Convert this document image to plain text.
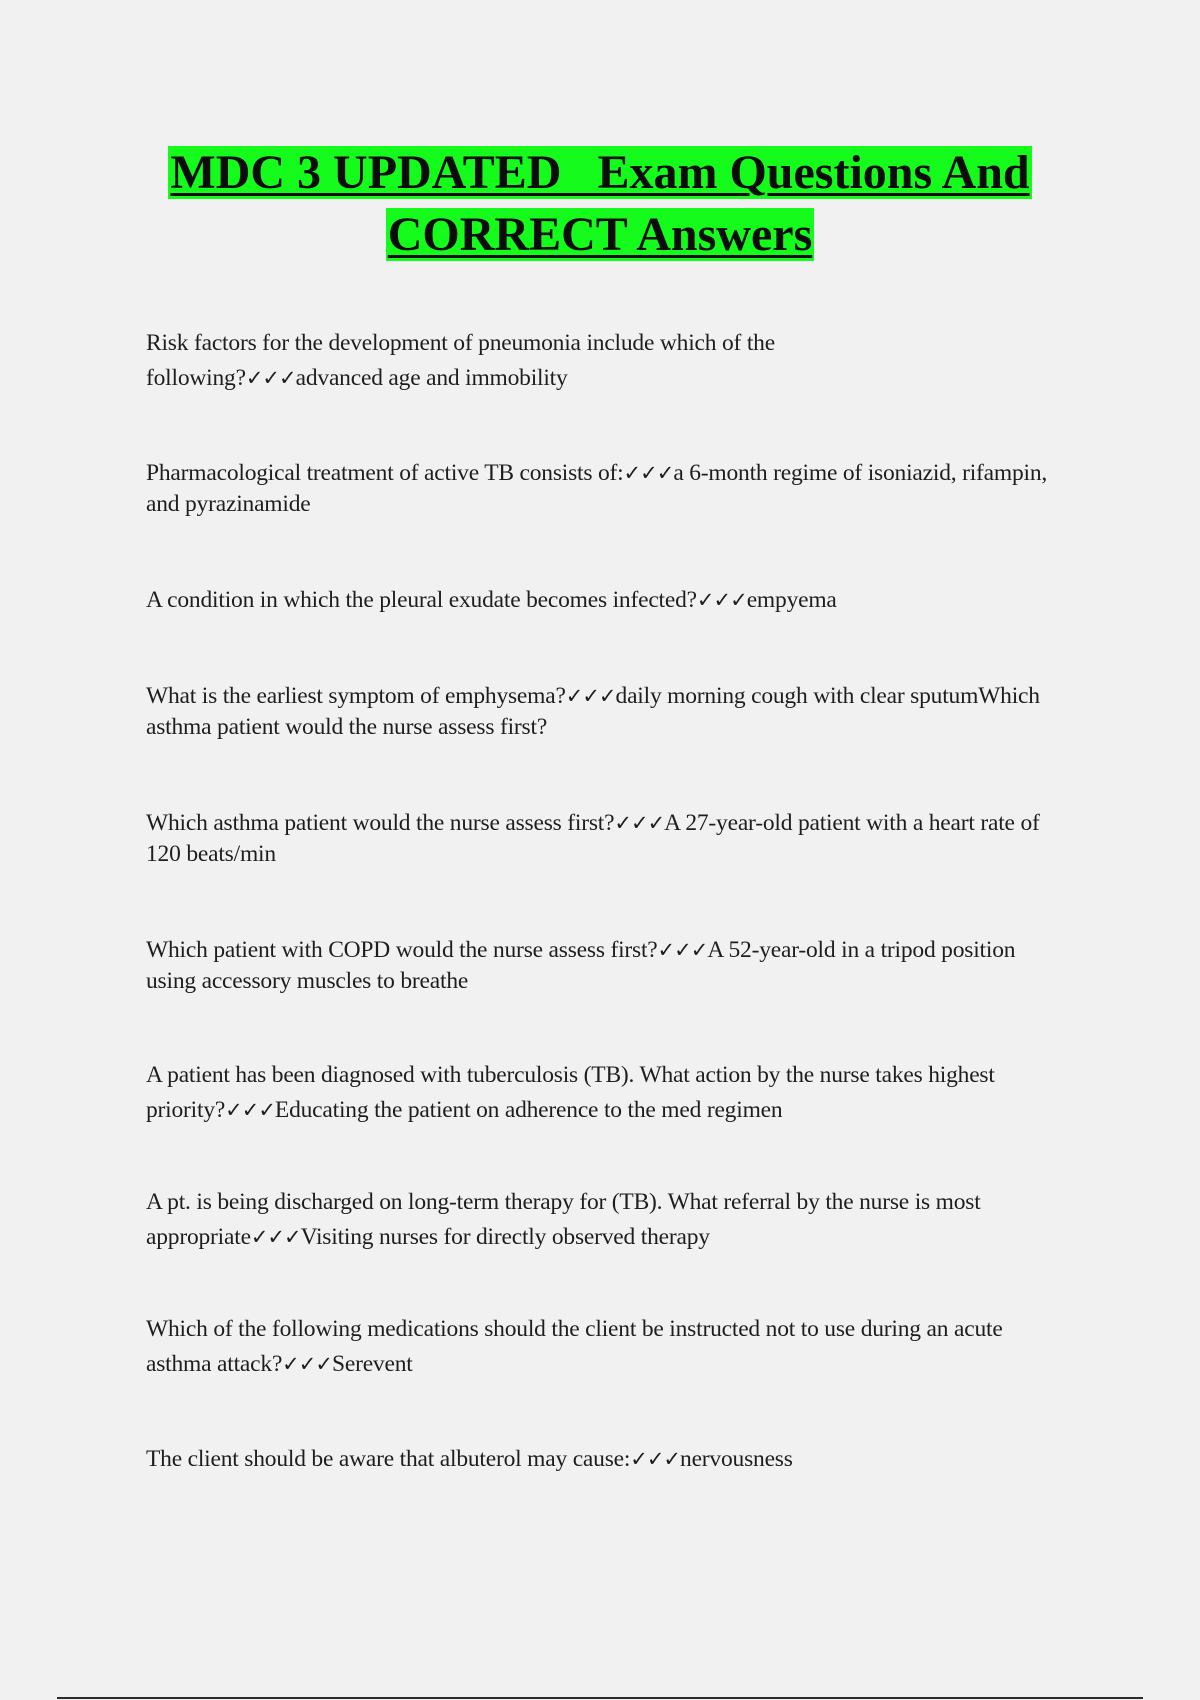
MDC 3 UPDATED   Exam Questions And
CORRECT Answers

Risk factors for the development of pneumonia include which of the following?✓✓✓advanced age and immobility

Pharmacological treatment of active TB consists of:✓✓✓a 6-month regime of isoniazid, rifampin, and pyrazinamide

A condition in which the pleural exudate becomes infected?✓✓✓empyema

What is the earliest symptom of emphysema?✓✓✓daily morning cough with clear sputumWhich asthma patient would the nurse assess first?

Which asthma patient would the nurse assess first?✓✓✓A 27-year-old patient with a heart rate of 120 beats/min

Which patient with COPD would the nurse assess first?✓✓✓A 52-year-old in a tripod position using accessory muscles to breathe

A patient has been diagnosed with tuberculosis (TB). What action by the nurse takes highest priority?✓✓✓Educating the patient on adherence to the med regimen

A pt. is being discharged on long-term therapy for (TB). What referral by the nurse is most appropriate✓✓✓Visiting nurses for directly observed therapy

Which of the following medications should the client be instructed not to use during an acute asthma attack?✓✓✓Serevent

The client should be aware that albuterol may cause:✓✓✓nervousness
